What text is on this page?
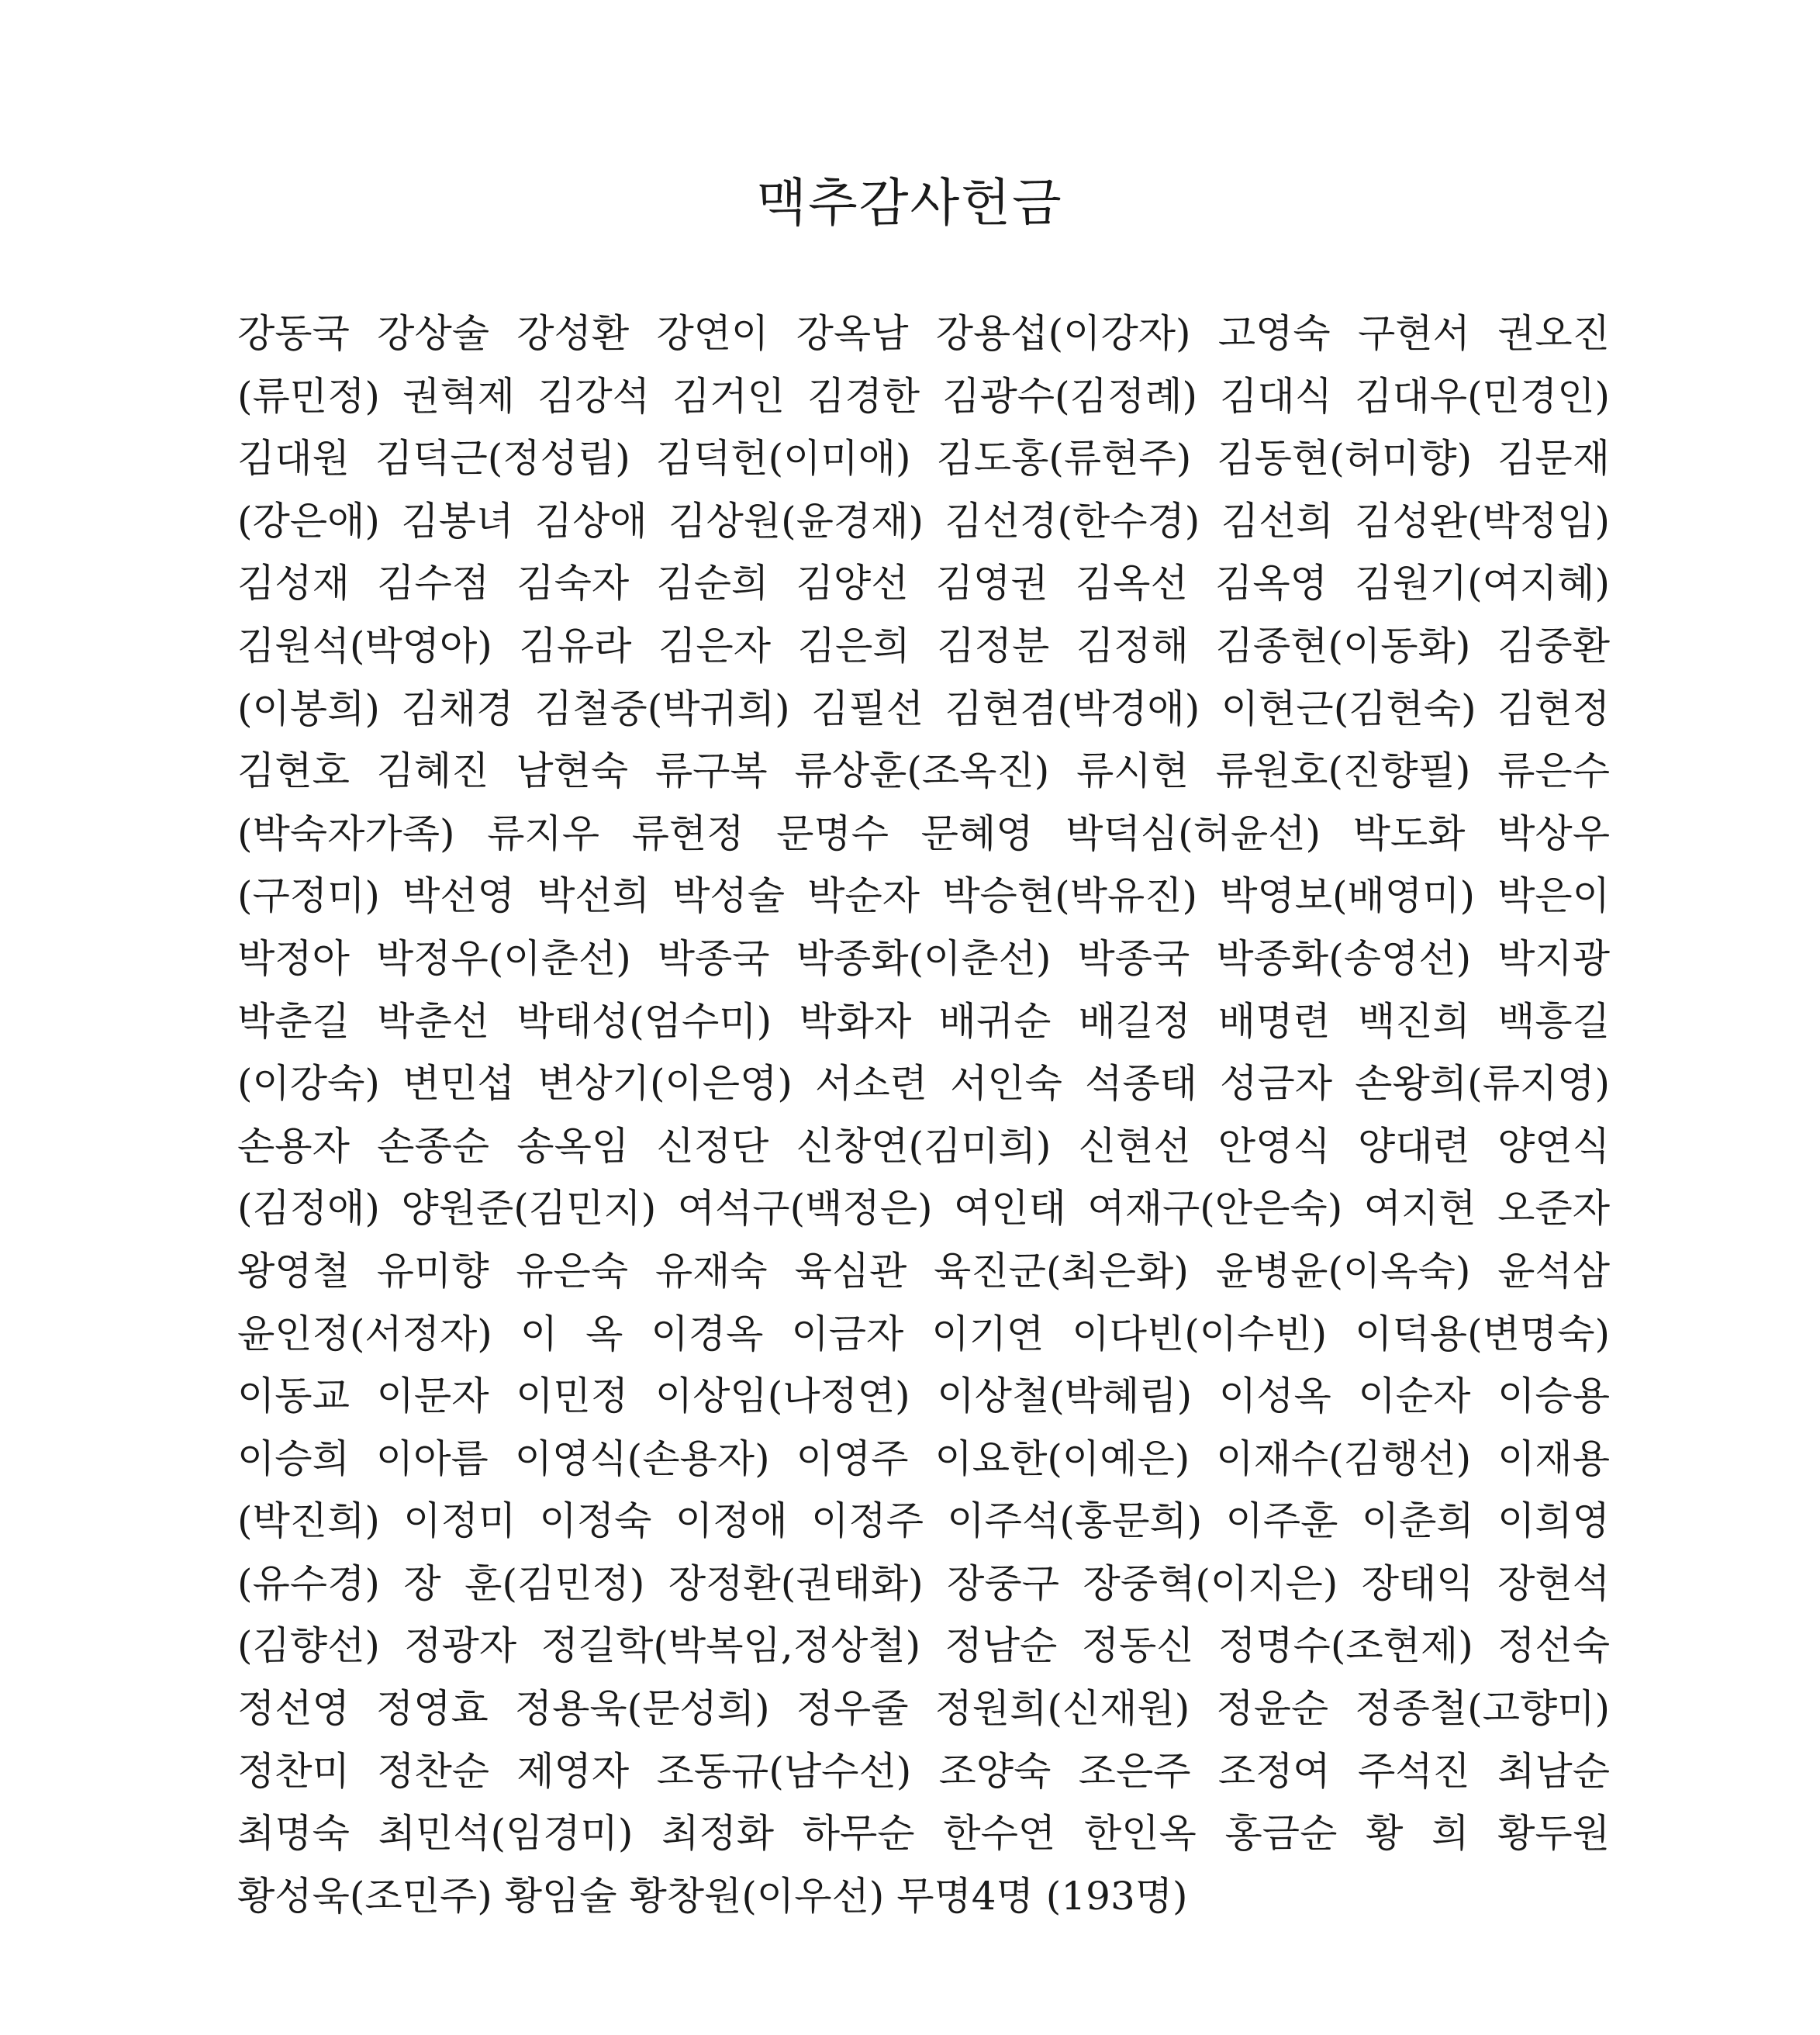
맥추감사헌금
강동국 강상술 강성환 강연이 강옥남 강용섭(이강자) 고영숙 구현서 권오진
(류민정) 권혁제 김강석 김거인 김경한 김광수(김정례) 김대식 김대우(민경인)
김대원 김덕근(정성림) 김덕헌(이미애) 김도홍(류현주) 김동현(허미향) 김문재
(강은애) 김봉녀 김상애 김상원(윤경재) 김선경(한수경) 김선희 김성완(박정임)
김성재 김수점 김숙자 김순희 김양선 김영권 김옥선 김옥영 김원기(여지혜)
김원석(박영아) 김유라 김은자 김은희 김정분 김정해 김종현(이동화) 김중환
(이봉희) 김채경 김철중(박귀희) 김필선 김현겸(박경애) 이현근(김현숙) 김현정
김현호 김혜진 남현숙 류구복 류상훈(조옥진) 류시현 류원호(진향필) 류은수
(박숙자가족) 류지우 류현정 문명수 문혜영 박덕심(허윤선) 박도화 박상우
(구정미) 박선영 박선희 박성술 박순자 박승현(박유진) 박영보(배영미) 박은이
박정아 박정우(이춘선) 박종국 박종화(이춘선) 박종국 박종화(송영선) 박지광
박춘길 박춘선 박태성(엄수미) 박화자 배귀순 배길정 배명련 백진희 백흥길
(이강숙) 변민섭 변상기(이은영) 서소련 서인숙 석종태 성금자 손왕희(류지영)
손용자 손종순 송옥임 신정단 신창연(김미희) 신현선 안영식 양대련 양연식
(김정애) 양원준(김민지) 여석구(백정은) 여인태 여재구(안은숙) 여지현 오준자
왕영철 유미향 유은숙 유재숙 육심관 육진군(최은화) 윤병윤(이옥숙) 윤석삼
윤인정(서정자) 이 옥 이경옥 이금자 이기연 이다빈(이수빈) 이덕용(변명숙)
이동교 이문자 이민정 이상임(나정연) 이상철(박혜림) 이성옥 이순자 이승용
이승희 이아름 이영식(손용자) 이영주 이요한(이예은) 이재수(김행선) 이재용
(박진희) 이정미 이정숙 이정애 이정주 이주석(홍문희) 이주훈 이춘희 이희영
(유수경) 장 훈(김민정) 장정환(권태화) 장중구 장중혁(이지은) 장태익 장현석
(김향선) 정광자 정길학(박복임,정상철) 정남순 정동신 정명수(조현제) 정선숙
정선영 정영효 정용욱(문성희) 정우줄 정원희(신재원) 정윤순 정종철(고향미)
정찬미 정찬순 제영자 조동규(남수선) 조양숙 조은주 조정여 주석진 최남순
최명숙 최민석(임경미) 최정화 하무순 한수연 한인옥 홍금순 황 희 황두원
황성욱(조민주) 황임술 황창원(이우선) 무명4명 (193명)
